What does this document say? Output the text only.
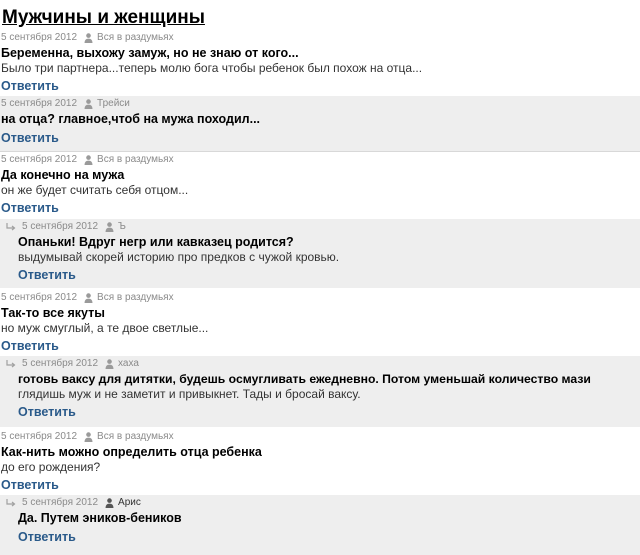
Мужчины и женщины
5 сентября 2012 Вся в раздумьях
Беременна, выхожу замуж, но не знаю от кого...
Было три партнера...теперь молю бога чтобы ребенок был похож на отца...
Ответить
5 сентября 2012 Трейси
на отца? главное,чтоб на мужа походил...
Ответить
5 сентября 2012 Вся в раздумьях
Да конечно на мужа
он же будет считать себя отцом...
Ответить
5 сентября 2012 Ъ
Опаньки! Вдруг негр или кавказец родится?
выдумывай скорей историю про предков с чужой кровью.
Ответить
5 сентября 2012 Вся в раздумьях
Так-то все якуты
но муж смуглый, а те двое светлые...
Ответить
5 сентября 2012 хаха
готовь ваксу для дитятки, будешь осмугливать ежедневно. Потом уменьшай количество мази
глядишь муж и не заметит и привыкнет. Тады и бросай ваксу.
Ответить
5 сентября 2012 Вся в раздумьях
Как-нить можно определить отца ребенка
до его рождения?
Ответить
5 сентября 2012 Арис
Да. Путем эников-беников
Ответить
